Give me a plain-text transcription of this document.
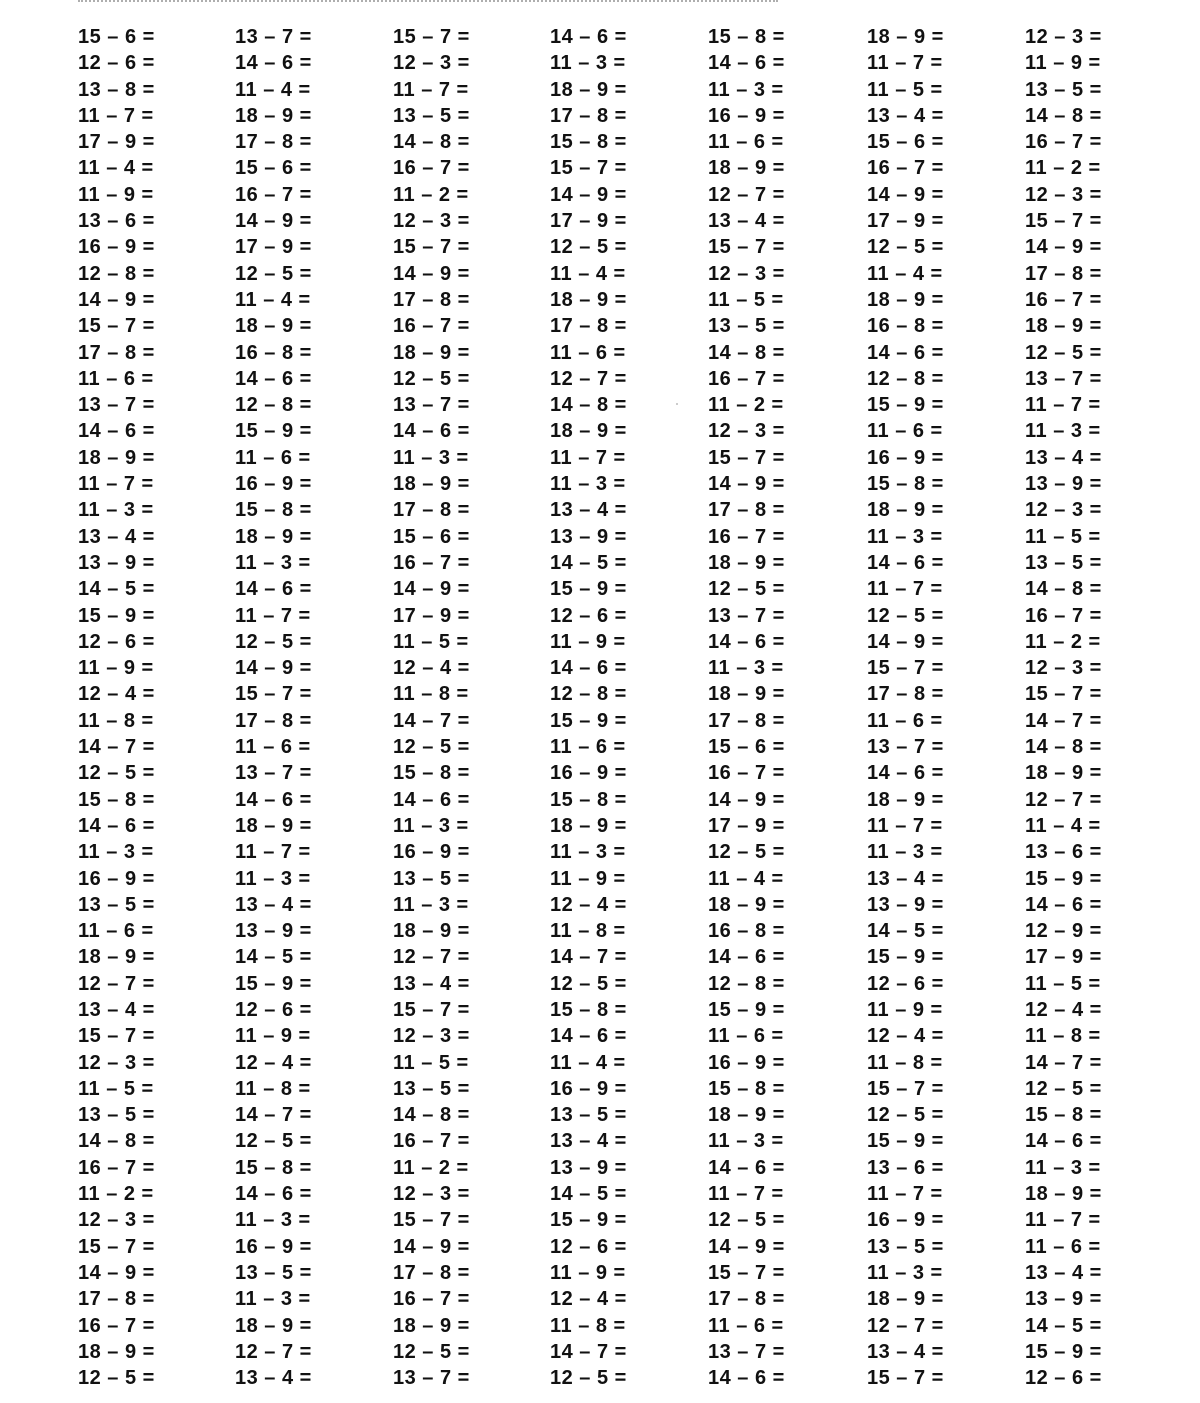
15 – 6 =
12 – 6 =
13 – 8 =
11 – 7 =
17 – 9 =
11 – 4 =
11 – 9 =
13 – 6 =
16 – 9 =
12 – 8 =
14 – 9 =
15 – 7 =
17 – 8 =
11 – 6 =
13 – 7 =
14 – 6 =
18 – 9 =
11 – 7 =
11 – 3 =
13 – 4 =
13 – 9 =
14 – 5 =
15 – 9 =
12 – 6 =
11 – 9 =
12 – 4 =
11 – 8 =
14 – 7 =
12 – 5 =
15 – 8 =
14 – 6 =
11 – 3 =
16 – 9 =
13 – 5 =
11 – 6 =
18 – 9 =
12 – 7 =
13 – 4 =
15 – 7 =
12 – 3 =
11 – 5 =
13 – 5 =
14 – 8 =
16 – 7 =
11 – 2 =
12 – 3 =
15 – 7 =
14 – 9 =
17 – 8 =
16 – 7 =
18 – 9 =
12 – 5 =
13 – 7 =
14 – 6 =
11 – 4 =
18 – 9 =
17 – 8 =
15 – 6 =
16 – 7 =
14 – 9 =
17 – 9 =
12 – 5 =
11 – 4 =
18 – 9 =
16 – 8 =
14 – 6 =
12 – 8 =
15 – 9 =
11 – 6 =
16 – 9 =
15 – 8 =
18 – 9 =
11 – 3 =
14 – 6 =
11 – 7 =
12 – 5 =
14 – 9 =
15 – 7 =
17 – 8 =
11 – 6 =
13 – 7 =
14 – 6 =
18 – 9 =
11 – 7 =
11 – 3 =
13 – 4 =
13 – 9 =
14 – 5 =
15 – 9 =
12 – 6 =
11 – 9 =
12 – 4 =
11 – 8 =
14 – 7 =
12 – 5 =
15 – 8 =
14 – 6 =
11 – 3 =
16 – 9 =
13 – 5 =
11 – 3 =
18 – 9 =
12 – 7 =
13 – 4 =
15 – 7 =
12 – 3 =
11 – 7 =
13 – 5 =
14 – 8 =
16 – 7 =
11 – 2 =
12 – 3 =
15 – 7 =
14 – 9 =
17 – 8 =
16 – 7 =
18 – 9 =
12 – 5 =
13 – 7 =
14 – 6 =
11 – 3 =
18 – 9 =
17 – 8 =
15 – 6 =
16 – 7 =
14 – 9 =
17 – 9 =
11 – 5 =
12 – 4 =
11 – 8 =
14 – 7 =
12 – 5 =
15 – 8 =
14 – 6 =
11 – 3 =
16 – 9 =
13 – 5 =
11 – 3 =
18 – 9 =
12 – 7 =
13 – 4 =
15 – 7 =
12 – 3 =
11 – 5 =
13 – 5 =
14 – 8 =
16 – 7 =
11 – 2 =
12 – 3 =
15 – 7 =
14 – 9 =
17 – 8 =
16 – 7 =
18 – 9 =
12 – 5 =
13 – 7 =
14 – 6 =
11 – 3 =
18 – 9 =
17 – 8 =
15 – 8 =
15 – 7 =
14 – 9 =
17 – 9 =
12 – 5 =
11 – 4 =
18 – 9 =
17 – 8 =
11 – 6 =
12 – 7 =
14 – 8 =
18 – 9 =
11 – 7 =
11 – 3 =
13 – 4 =
13 – 9 =
14 – 5 =
15 – 9 =
12 – 6 =
11 – 9 =
14 – 6 =
12 – 8 =
15 – 9 =
11 – 6 =
16 – 9 =
15 – 8 =
18 – 9 =
11 – 3 =
11 – 9 =
12 – 4 =
11 – 8 =
14 – 7 =
12 – 5 =
15 – 8 =
14 – 6 =
11 – 4 =
16 – 9 =
13 – 5 =
13 – 4 =
13 – 9 =
14 – 5 =
15 – 9 =
12 – 6 =
11 – 9 =
12 – 4 =
11 – 8 =
14 – 7 =
12 – 5 =
15 – 8 =
14 – 6 =
11 – 3 =
16 – 9 =
11 – 6 =
18 – 9 =
12 – 7 =
13 – 4 =
15 – 7 =
12 – 3 =
11 – 5 =
13 – 5 =
14 – 8 =
16 – 7 =
11 – 2 =
12 – 3 =
15 – 7 =
14 – 9 =
17 – 8 =
16 – 7 =
18 – 9 =
12 – 5 =
13 – 7 =
14 – 6 =
11 – 3 =
18 – 9 =
17 – 8 =
15 – 6 =
16 – 7 =
14 – 9 =
17 – 9 =
12 – 5 =
11 – 4 =
18 – 9 =
16 – 8 =
14 – 6 =
12 – 8 =
15 – 9 =
11 – 6 =
16 – 9 =
15 – 8 =
18 – 9 =
11 – 3 =
14 – 6 =
11 – 7 =
12 – 5 =
14 – 9 =
15 – 7 =
17 – 8 =
11 – 6 =
13 – 7 =
14 – 6 =
18 – 9 =
11 – 7 =
11 – 5 =
13 – 4 =
15 – 6 =
16 – 7 =
14 – 9 =
17 – 9 =
12 – 5 =
11 – 4 =
18 – 9 =
16 – 8 =
14 – 6 =
12 – 8 =
15 – 9 =
11 – 6 =
16 – 9 =
15 – 8 =
18 – 9 =
11 – 3 =
14 – 6 =
11 – 7 =
12 – 5 =
14 – 9 =
15 – 7 =
17 – 8 =
11 – 6 =
13 – 7 =
14 – 6 =
18 – 9 =
11 – 7 =
11 – 3 =
13 – 4 =
13 – 9 =
14 – 5 =
15 – 9 =
12 – 6 =
11 – 9 =
12 – 4 =
11 – 8 =
15 – 7 =
12 – 5 =
15 – 9 =
13 – 6 =
11 – 7 =
16 – 9 =
13 – 5 =
11 – 3 =
18 – 9 =
12 – 7 =
13 – 4 =
15 – 7 =
12 – 3 =
11 – 9 =
13 – 5 =
14 – 8 =
16 – 7 =
11 – 2 =
12 – 3 =
15 – 7 =
14 – 9 =
17 – 8 =
16 – 7 =
18 – 9 =
12 – 5 =
13 – 7 =
11 – 7 =
11 – 3 =
13 – 4 =
13 – 9 =
12 – 3 =
11 – 5 =
13 – 5 =
14 – 8 =
16 – 7 =
11 – 2 =
12 – 3 =
15 – 7 =
14 – 7 =
14 – 8 =
18 – 9 =
12 – 7 =
11 – 4 =
13 – 6 =
15 – 9 =
14 – 6 =
12 – 9 =
17 – 9 =
11 – 5 =
12 – 4 =
11 – 8 =
14 – 7 =
12 – 5 =
15 – 8 =
14 – 6 =
11 – 3 =
18 – 9 =
11 – 7 =
11 – 6 =
13 – 4 =
13 – 9 =
14 – 5 =
15 – 9 =
12 – 6 =
